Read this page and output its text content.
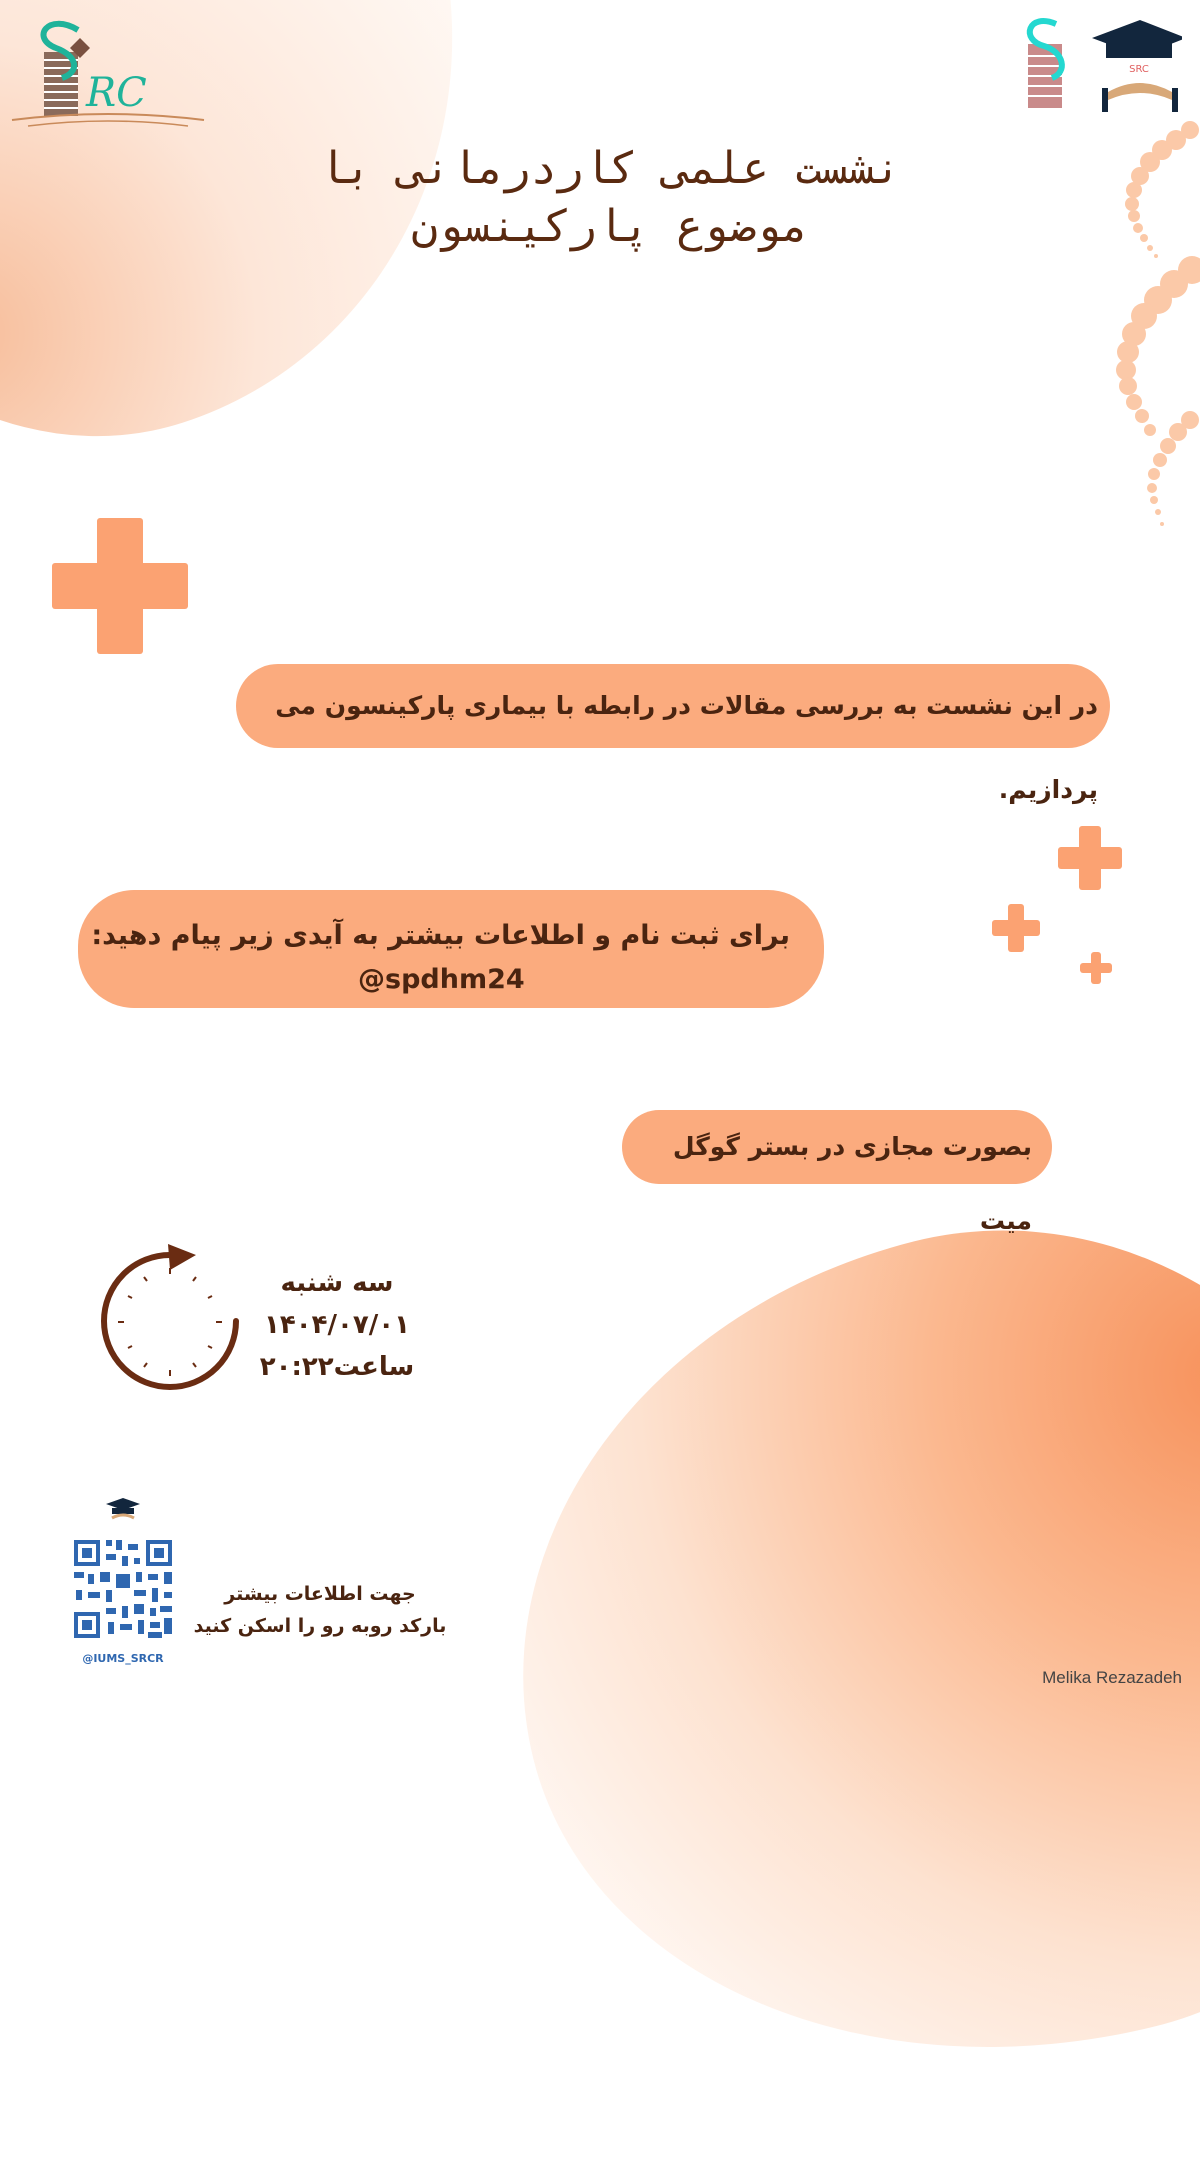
RC
SRC
نشست علمی کاردرمانی با
موضوع پارکینسون
در این نشست به بررسی مقالات در رابطه با بیماری پارکینسون می پردازیم.
برای ثبت نام و اطلاعات بیشتر به آیدی زیر پیام دهید:
@spdhm24
بصورت مجازی در بستر گوگل میت
سه شنبه
۱۴۰۴/۰۷/۰۱
ساعت۲۰:۲۲
@IUMS_SRCR
جهت اطلاعات بیشتر
بارکد روبه رو را اسکن کنید
Melika Rezazadeh
